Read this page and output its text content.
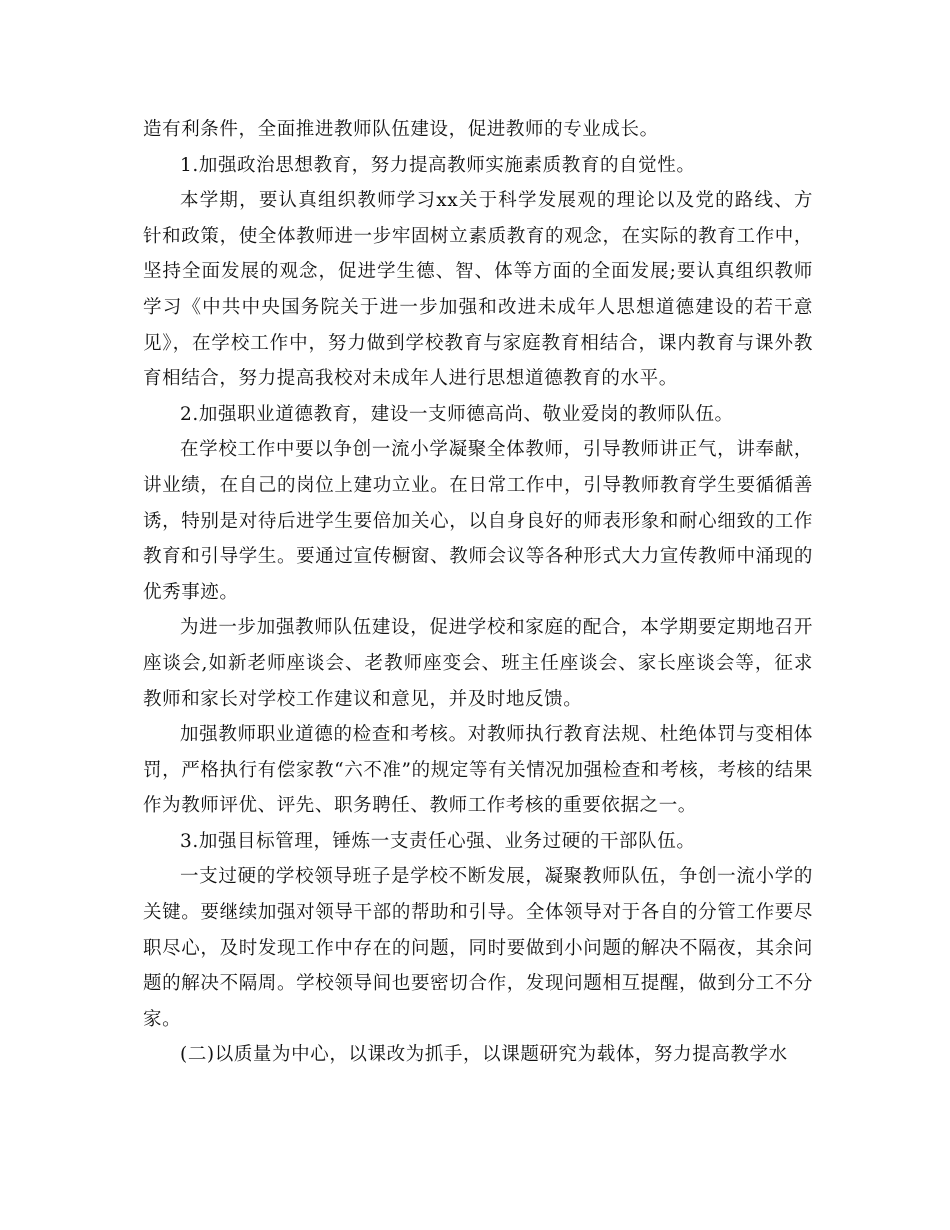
造有利条件，全面推进教师队伍建设，促进教师的专业成长。

1.加强政治思想教育，努力提高教师实施素质教育的自觉性。

本学期，要认真组织教师学习xx关于科学发展观的理论以及党的路线、方针和政策，使全体教师进一步牢固树立素质教育的观念，在实际的教育工作中，坚持全面发展的观念，促进学生德、智、体等方面的全面发展;要认真组织教师学习《中共中央国务院关于进一步加强和改进未成年人思想道德建设的若干意见》，在学校工作中，努力做到学校教育与家庭教育相结合，课内教育与课外教育相结合，努力提高我校对未成年人进行思想道德教育的水平。

2.加强职业道德教育，建设一支师德高尚、敬业爱岗的教师队伍。

在学校工作中要以争创一流小学凝聚全体教师，引导教师讲正气，讲奉献，讲业绩，在自己的岗位上建功立业。在日常工作中，引导教师教育学生要循循善诱，特别是对待后进学生要倍加关心，以自身良好的师表形象和耐心细致的工作教育和引导学生。要通过宣传橱窗、教师会议等各种形式大力宣传教师中涌现的优秀事迹。

为进一步加强教师队伍建设，促进学校和家庭的配合，本学期要定期地召开座谈会,如新老师座谈会、老教师座变会、班主任座谈会、家长座谈会等，征求教师和家长对学校工作建议和意见，并及时地反馈。

加强教师职业道德的检查和考核。对教师执行教育法规、杜绝体罚与变相体罚，严格执行有偿家教“六不准”的规定等有关情况加强检查和考核，考核的结果作为教师评优、评先、职务聘任、教师工作考核的重要依据之一。

3.加强目标管理，锤炼一支责任心强、业务过硬的干部队伍。

一支过硬的学校领导班子是学校不断发展，凝聚教师队伍，争创一流小学的关键。要继续加强对领导干部的帮助和引导。全体领导对于各自的分管工作要尽职尽心，及时发现工作中存在的问题，同时要做到小问题的解决不隔夜，其余问题的解决不隔周。学校领导间也要密切合作，发现问题相互提醒，做到分工不分家。

(二)以质量为中心，以课改为抓手，以课题研究为载体，努力提高教学水
